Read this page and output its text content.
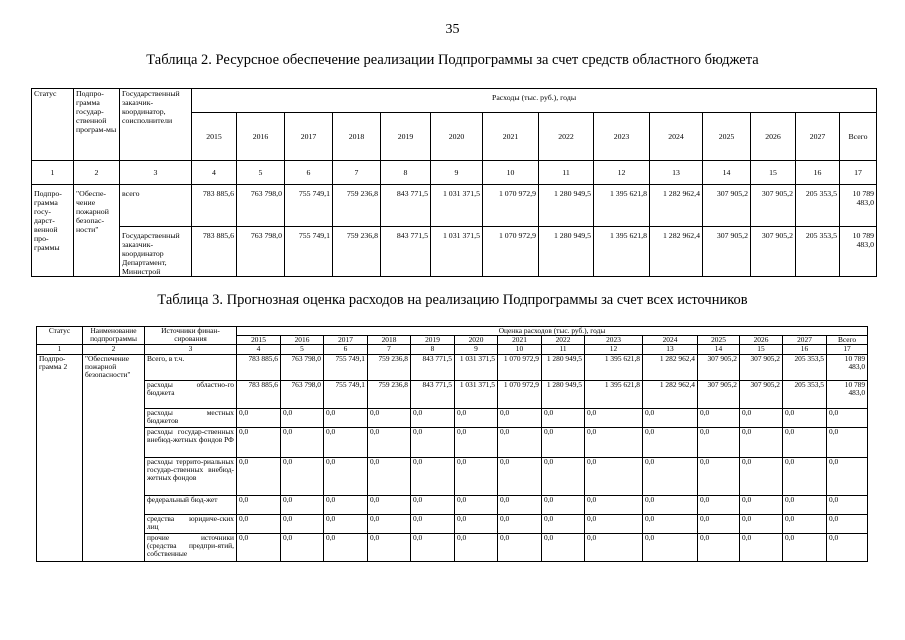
35
Таблица 2. Ресурсное обеспечение реализации Подпрограммы за счет средств областного бюджета
Статус	Подпро-грамма государ-ственной програм-мы	Государственный заказчик-координатор, соисполнители	Расходы (тыс. руб.), годы													
			2015	2016	2017	2018	2019	2020	2021	2022	2023	2024	2025	2026	2027	Всего
1	2	3	4	5	6	7	8	9	10	11	12	13	14	15	16	17
Подпро-грамма госу-дарст-венной про-граммы	"Обеспе-чение пожарной безопас-ности"	всего	783 885,6	763 798,0	755 749,1	759 236,8	843 771,5	1 031 371,5	1 070 972,9	1 280 949,5	1 395 621,8	1 282 962,4	307 905,2	307 905,2	205 353,5	10 789 483,0
		Государственный заказчик-координатор Департамент, Министрой	783 885,6	763 798,0	755 749,1	759 236,8	843 771,5	1 031 371,5	1 070 972,9	1 280 949,5	1 395 621,8	1 282 962,4	307 905,2	307 905,2	205 353,5	10 789 483,0
Таблица 3. Прогнозная оценка расходов на реализацию Подпрограммы за счет всех источников
Статус	Наименование подпрограммы	Источники финан-сирования	Оценка расходов (тыс. руб.), годы													
			2015	2016	2017	2018	2019	2020	2021	2022	2023	2024	2025	2026	2027	Всего
1	2	3	4	5	6	7	8	9	10	11	12	13	14	15	16	17
Подпро-грамма 2	"Обеспечение пожарной безопасности"	Всего, в т.ч.	783 885,6	763 798,0	755 749,1	759 236,8	843 771,5	1 031 371,5	1 070 972,9	1 280 949,5	1 395 621,8	1 282 962,4	307 905,2	307 905,2	205 353,5	10 789 483,0
		расходы областно-го бюджета	783 885,6	763 798,0	755 749,1	759 236,8	843 771,5	1 031 371,5	1 070 972,9	1 280 949,5	1 395 621,8	1 282 962,4	307 905,2	307 905,2	205 353,5	10 789 483,0
		расходы местных бюджетов	0,0	0,0	0,0	0,0	0,0	0,0	0,0	0,0	0,0	0,0	0,0	0,0	0,0	0,0
		расходы государ-ственных внебюд-жетных фондов РФ	0,0	0,0	0,0	0,0	0,0	0,0	0,0	0,0	0,0	0,0	0,0	0,0	0,0	0,0
		расходы террито-риальных государ-ственных внебюд-жетных фондов	0,0	0,0	0,0	0,0	0,0	0,0	0,0	0,0	0,0	0,0	0,0	0,0	0,0	0,0
		федеральный бюд-жет	0,0	0,0	0,0	0,0	0,0	0,0	0,0	0,0	0,0	0,0	0,0	0,0	0,0	0,0
		средства юридиче-ских лиц	0,0	0,0	0,0	0,0	0,0	0,0	0,0	0,0	0,0	0,0	0,0	0,0	0,0	0,0
		прочие источники (средства предпри-ятий, собственные	0,0	0,0	0,0	0,0	0,0	0,0	0,0	0,0	0,0	0,0	0,0	0,0	0,0	0,0
